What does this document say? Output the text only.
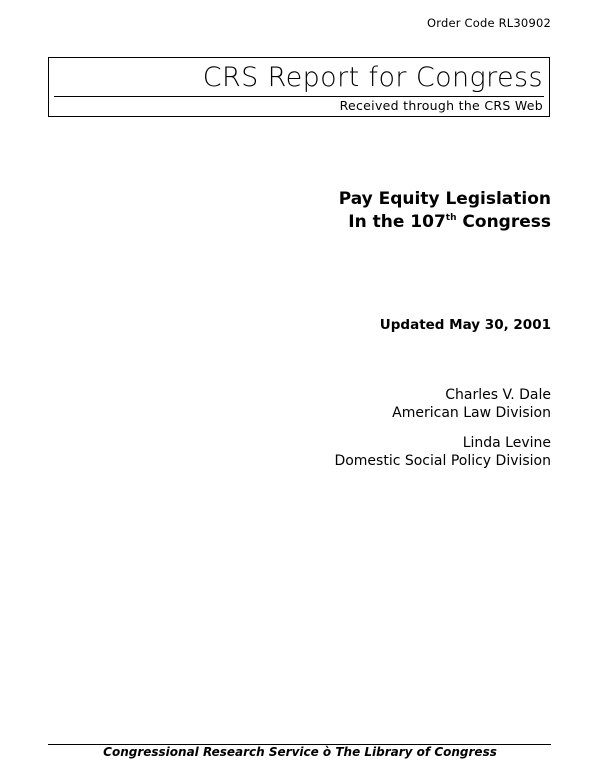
Order Code RL30902
CRS Report for Congress
Received through the CRS Web
Pay Equity Legislation
In the 107th Congress
Updated May 30, 2001
Charles V. Dale
American Law Division
Linda Levine
Domestic Social Policy Division
Congressional Research Service ò The Library of Congress
